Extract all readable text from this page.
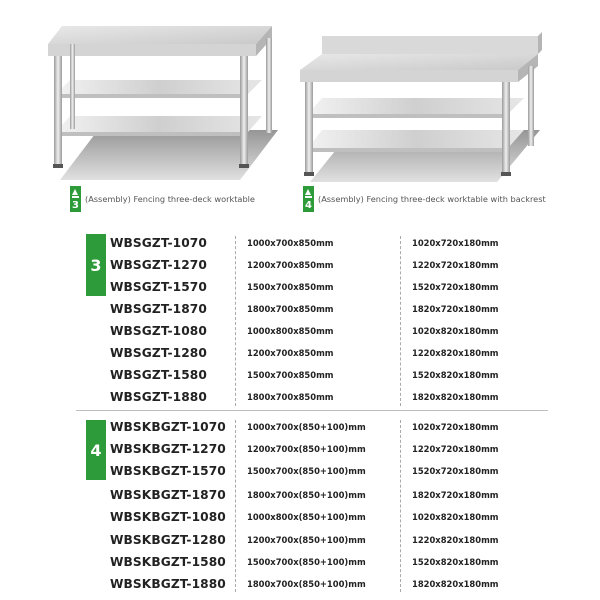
3
(Assembly) Fencing three-deck worktable
4
(Assembly) Fencing three-deck worktable with backrest
3
WBSGZT-1070	1000x700x850mm	1020x720x180mm
WBSGZT-1270	1200x700x850mm	1220x720x180mm
WBSGZT-1570	1500x700x850mm	1520x720x180mm
WBSGZT-1870	1800x700x850mm	1820x720x180mm
WBSGZT-1080	1000x800x850mm	1020x820x180mm
WBSGZT-1280	1200x700x850mm	1220x820x180mm
WBSGZT-1580	1500x700x850mm	1520x820x180mm
WBSGZT-1880	1800x700x850mm	1820x820x180mm
4
WBSKBGZT-1070	1000x700x(850+100)mm	1020x720x180mm
WBSKBGZT-1270	1200x700x(850+100)mm	1220x720x180mm
WBSKBGZT-1570	1500x700x(850+100)mm	1520x720x180mm
WBSKBGZT-1870	1800x700x(850+100)mm	1820x720x180mm
WBSKBGZT-1080	1000x800x(850+100)mm	1020x820x180mm
WBSKBGZT-1280	1200x700x(850+100)mm	1220x820x180mm
WBSKBGZT-1580	1500x700x(850+100)mm	1520x820x180mm
WBSKBGZT-1880	1800x700x(850+100)mm	1820x820x180mm
